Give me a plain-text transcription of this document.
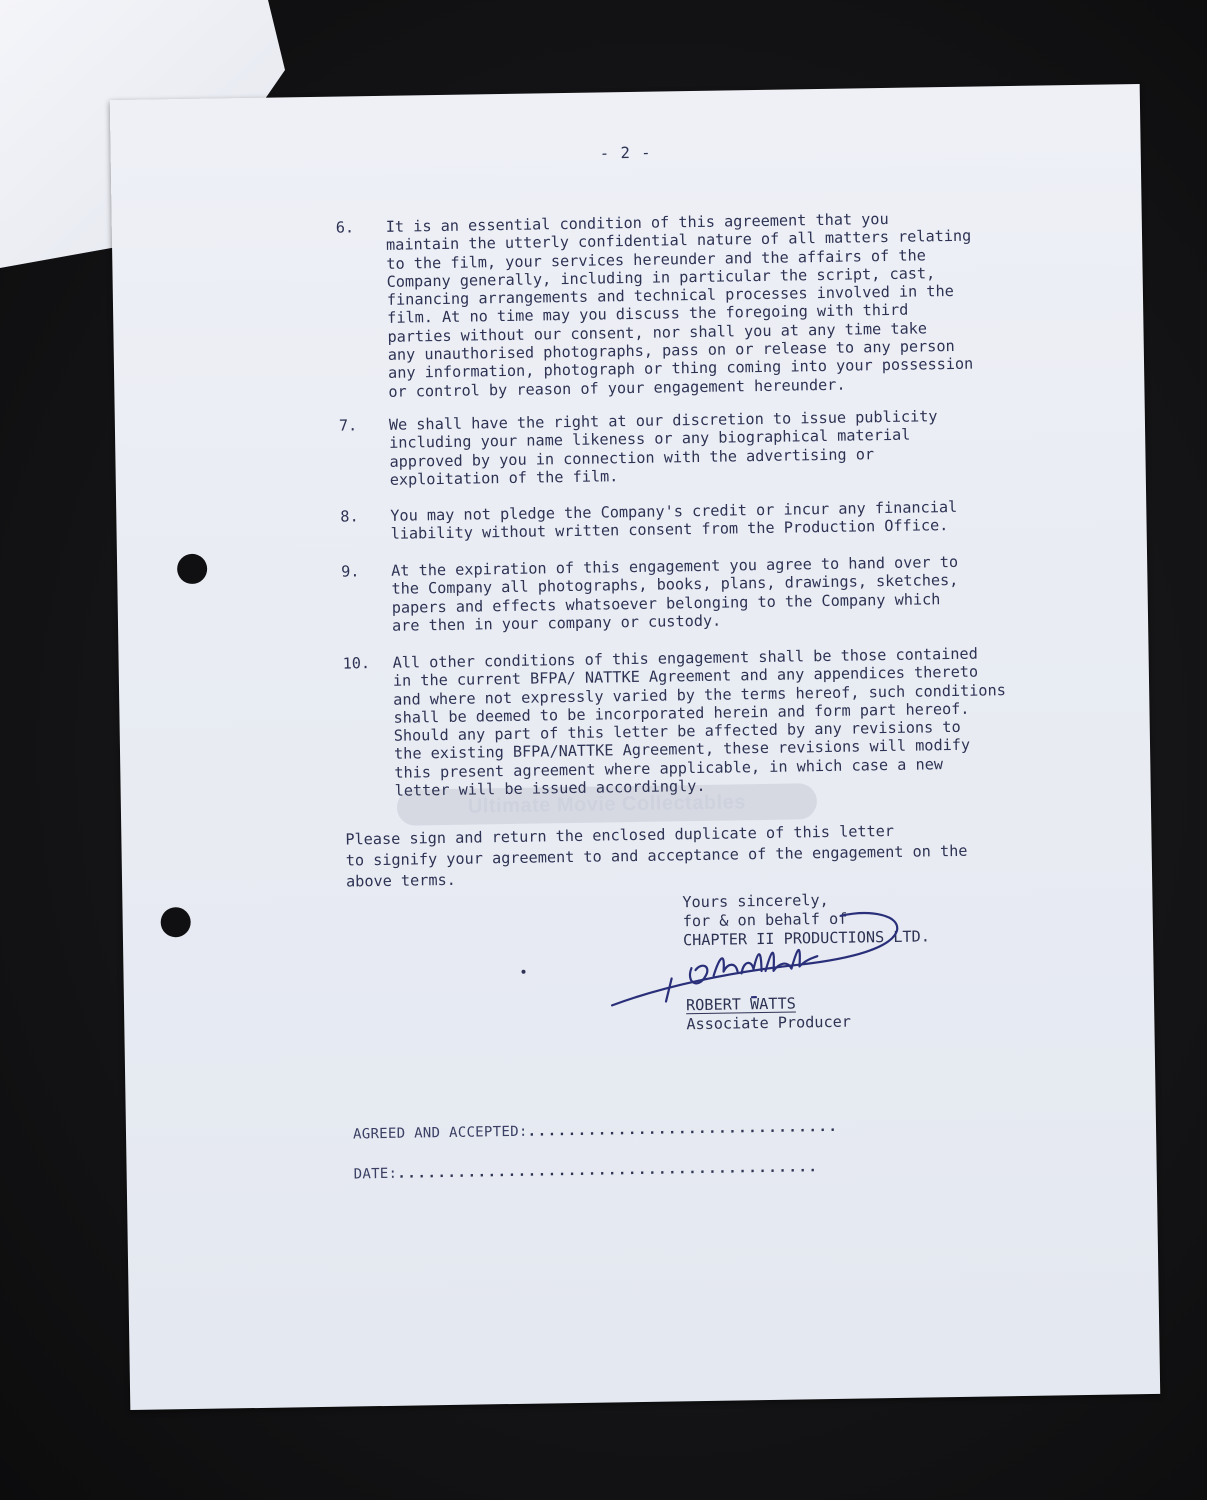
- 2 -
6. It is an essential condition of this agreement that you
maintain the utterly confidential nature of all matters relating
to the film, your services hereunder and the affairs of the
Company generally, including in particular the script, cast,
financing arrangements and technical processes involved in the
film. At no time may you discuss the foregoing with third
parties without our consent, nor shall you at any time take
any unauthorised photographs, pass on or release to any person
any information, photograph or thing coming into your possession
or control by reason of your engagement hereunder.
7. We shall have the right at our discretion to issue publicity
including your name likeness or any biographical material
approved by you in connection with the advertising or
exploitation of the film.
8. You may not pledge the Company's credit or incur any financial
liability without written consent from the Production Office.
9. At the expiration of this engagement you agree to hand over to
the Company all photographs, books, plans, drawings, sketches,
papers and effects whatsoever belonging to the Company which
are then in your company or custody.
Ultimate Movie Collectables
10. All other conditions of this engagement shall be those contained
in the current BFPA/ NATTKE Agreement and any appendices thereto
and where not expressly varied by the terms hereof, such conditions
shall be deemed to be incorporated herein and form part hereof.
Should any part of this letter be affected by any revisions to
the existing BFPA/NATTKE Agreement, these revisions will modify
this present agreement where applicable, in which case a new
letter will be issued accordingly.
Please sign and return the enclosed duplicate of this letter
to signify your agreement to and acceptance of the engagement on the
above terms.
Yours sincerely,
for & on behalf of
CHAPTER II PRODUCTIONS LTD.
ROBERT WATTS
Associate Producer
AGREED AND ACCEPTED:...............................
DATE:..........................................
